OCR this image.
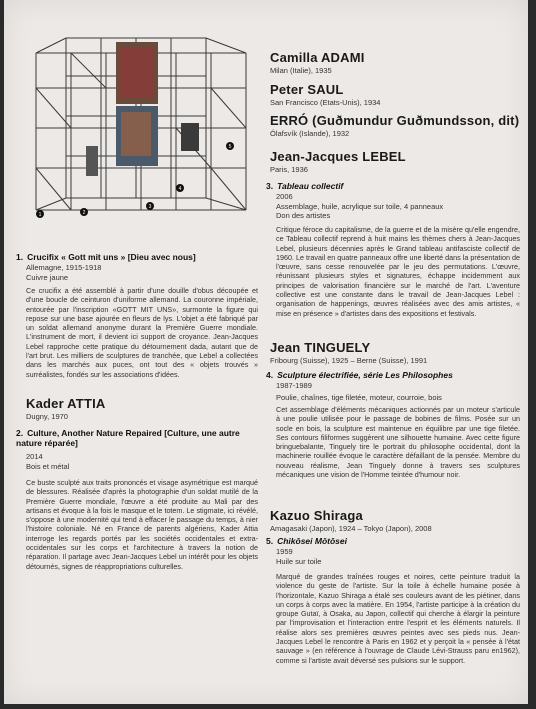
1	2
3
4
5
1. Crucifix « Gott mit uns » [Dieu avec nous]
Allemagne, 1915-1918
Cuivre jaune
Ce crucifix a été assemblé à partir d'une douille d'obus découpée et d'une boucle de ceinturon d'uniforme allemand. La couronne impériale, entourée par l'inscription «GOTT MIT UNS», surmonte la figure qui repose sur une base ajourée en fleurs de lys. L'objet a été fabriqué par un soldat allemand anonyme durant la Première Guerre mondiale. L'instrument de mort, il devient ici support de croyance. Jean-Jacques Lebel rapproche cette pratique du détournement dada, autant que de l'art brut. Les milliers de sculptures de tranchée, que Lebel a collectées dans les marchés aux puces, ont tout des « objets trouvés » surréalistes, fondés sur les associations d'idées.
Kader ATTIA
Dugny, 1970
2. Culture, Another Nature Repaired [Culture, une autre nature réparée]
2014
Bois et métal
Ce buste sculpté aux traits prononcés et visage asymétrique est marqué de blessures. Réalisée d'après la photographie d'un soldat mutilé de la Première Guerre mondiale, l'œuvre a été produite au Mali par des artisans et évoque à la fois le masque et le totem. Le stigmate, ici révélé, s'oppose à une modernité qui tend à effacer le passage du temps, à nier l'histoire coloniale. Né en France de parents algériens, Kader Attia interroge les regards portés par les sociétés occidentales et extra-occidentales sur les corps et l'architecture à travers la notion de réparation. Il partage avec Jean-Jacques Lebel un intérêt pour les objets détournés, signes de réappropriations culturelles.
Camilla ADAMI
Milan (Italie), 1935
Peter SAUL
San Francisco (Etats-Unis), 1934
ERRÓ (Guðmundur Guðmundsson, dit)
Ólafsvík (Islande), 1932
Jean-Jacques LEBEL
Paris, 1936
3. Tableau collectif
2006
Assemblage, huile, acrylique sur toile, 4 panneaux
Don des artistes
Critique féroce du capitalisme, de la guerre et de la misère qu'elle engendre, ce Tableau collectif reprend à huit mains les thèmes chers à Jean-Jacques Lebel, plusieurs décennies après le Grand tableau antifasciste collectif de 1960. Le travail en quatre panneaux offre une liberté dans la présentation de l'œuvre, sans cesse renouvelée par le jeu des permutations. L'œuvre, réunissant plusieurs styles et signatures, échappe incidemment aux principes de valorisation financière sur le marché de l'art. L'aventure collective est une constante dans le travail de Jean-Jacques Lebel : organisation de happenings, œuvres réalisées avec des amis artistes, « mise en présence » d'artistes dans des expositions et festivals.
Jean TINGUELY
Fribourg (Suisse), 1925 – Berne (Suisse), 1991
4. Sculpture électrifiée, série Les Philosophes
1987-1989
Poulie, chaînes, tige filetée, moteur, courroie, bois
Cet assemblage d'éléments mécaniques actionnés par un moteur s'articule à une poulie utilisée pour le passage de bobines de films. Posée sur un socle en bois, la sculpture est maintenue en équilibre par une tige filetée. Ses contours filiformes suggèrent une silhouette humaine. Avec cette figure bringuebalante, Tinguely tire le portrait du philosophe occidental, dont la machinerie rouillée évoque le caractère défaillant de la pensée. Membre du nouveau réalisme, Jean Tinguely donne à travers ses sculptures mécaniques une vision de l'Homme teintée d'humour noir.
Kazuo Shiraga
Amagasaki (Japon), 1924 – Tokyo (Japon), 2008
5. Chikōsei Mōtōsei
1959
Huile sur toile
Marqué de grandes traînées rouges et noires, cette peinture traduit la violence du geste de l'artiste. Sur la toile à échelle humaine posée à l'horizontale, Kazuo Shiraga a étalé ses couleurs avant de les piétiner, dans un corps à corps avec la matière. En 1954, l'artiste participe à la création du groupe Gutaï, à Osaka, au Japon, collectif qui cherche à élargir la peinture par l'improvisation et l'interaction entre l'esprit et les éléments naturels. Il réalise alors ses premières œuvres peintes avec ses pieds nus. Jean-Jacques Lebel le rencontre à Paris en 1962 et y perçoit la « pensée à l'état sauvage » (en référence à l'ouvrage de Claude Lévi-Strauss paru en1962), comme si l'artiste avait déversé ses pulsions sur le support.
